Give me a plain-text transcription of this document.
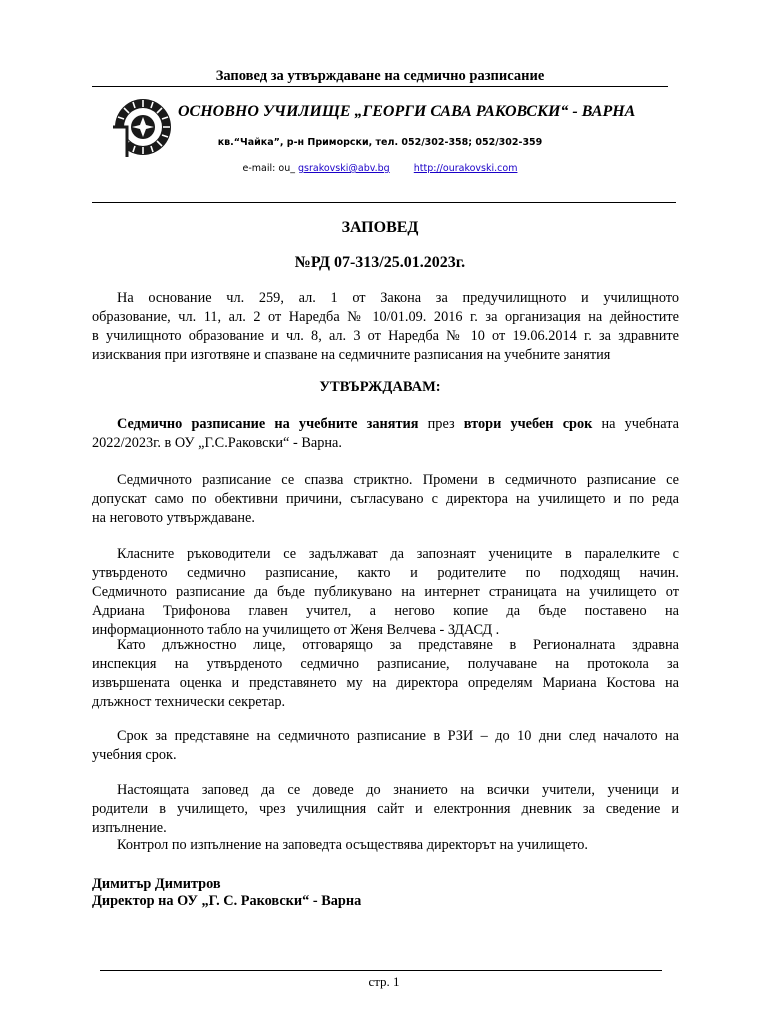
Заповед за утвърждаване на седмично разписание
ОСНОВНО УЧИЛИЩЕ „ГЕОРГИ САВА РАКОВСКИ“ - ВАРНА
кв.“Чайка”, р-н Приморски, тел. 052/302-358; 052/302-359
e-mail: ou_ gsrakovski@abv.bg	http://ourakovski.com
ЗАПОВЕД
№РД 07-313/25.01.2023г.
На основание чл. 259, ал. 1 от Закона за предучилищното и училищното
образование, чл. 11, ал. 2 от Наредба № 10/01.09. 2016 г. за организация на дейностите
в училищното образование и чл. 8, ал. 3 от Наредба № 10 от 19.06.2014 г. за здравните
изисквания при изготвяне и спазване на седмичните разписания на учебните занятия
УТВЪРЖДАВАМ:
Седмично разписание на учебните занятия през втори учебен срок на учебната
2022/2023г. в ОУ „Г.С.Раковски“ - Варна.
Седмичното разписание се спазва стриктно. Промени в седмичното разписание се
допускат само по обективни причини, съгласувано с директора на училището и по реда
на неговото утвърждаване.
Класните ръководители се задължават да запознаят учениците в паралелките с
утвърденото седмично разписание, както и родителите по подходящ начин.
Седмичното разписание да бъде публикувано на интернет страницата на училището от
Адриана Трифонова главен учител, а негово копие да бъде поставено на
информационното табло на училището от Женя Велчева - ЗДАСД .
Като длъжностно лице, отговарящо за представяне в Регионалната здравна
инспекция на утвърденото седмично разписание, получаване на протокола за
извършената оценка и представянето му на директора определям Мариана Костова на
длъжност технически секретар.
Срок за представяне на седмичното разписание в РЗИ – до 10 дни след началото на
учебния срок.
Настоящата заповед да се доведе до знанието на всички учители, ученици и
родители в училището, чрез училищния сайт и електронния дневник за сведение и
изпълнение.
Контрол по изпълнение на заповедта осъществява директорът на училището.
Димитър Димитров
Директор на ОУ „Г. С. Раковски“ - Варна
стр. 1
